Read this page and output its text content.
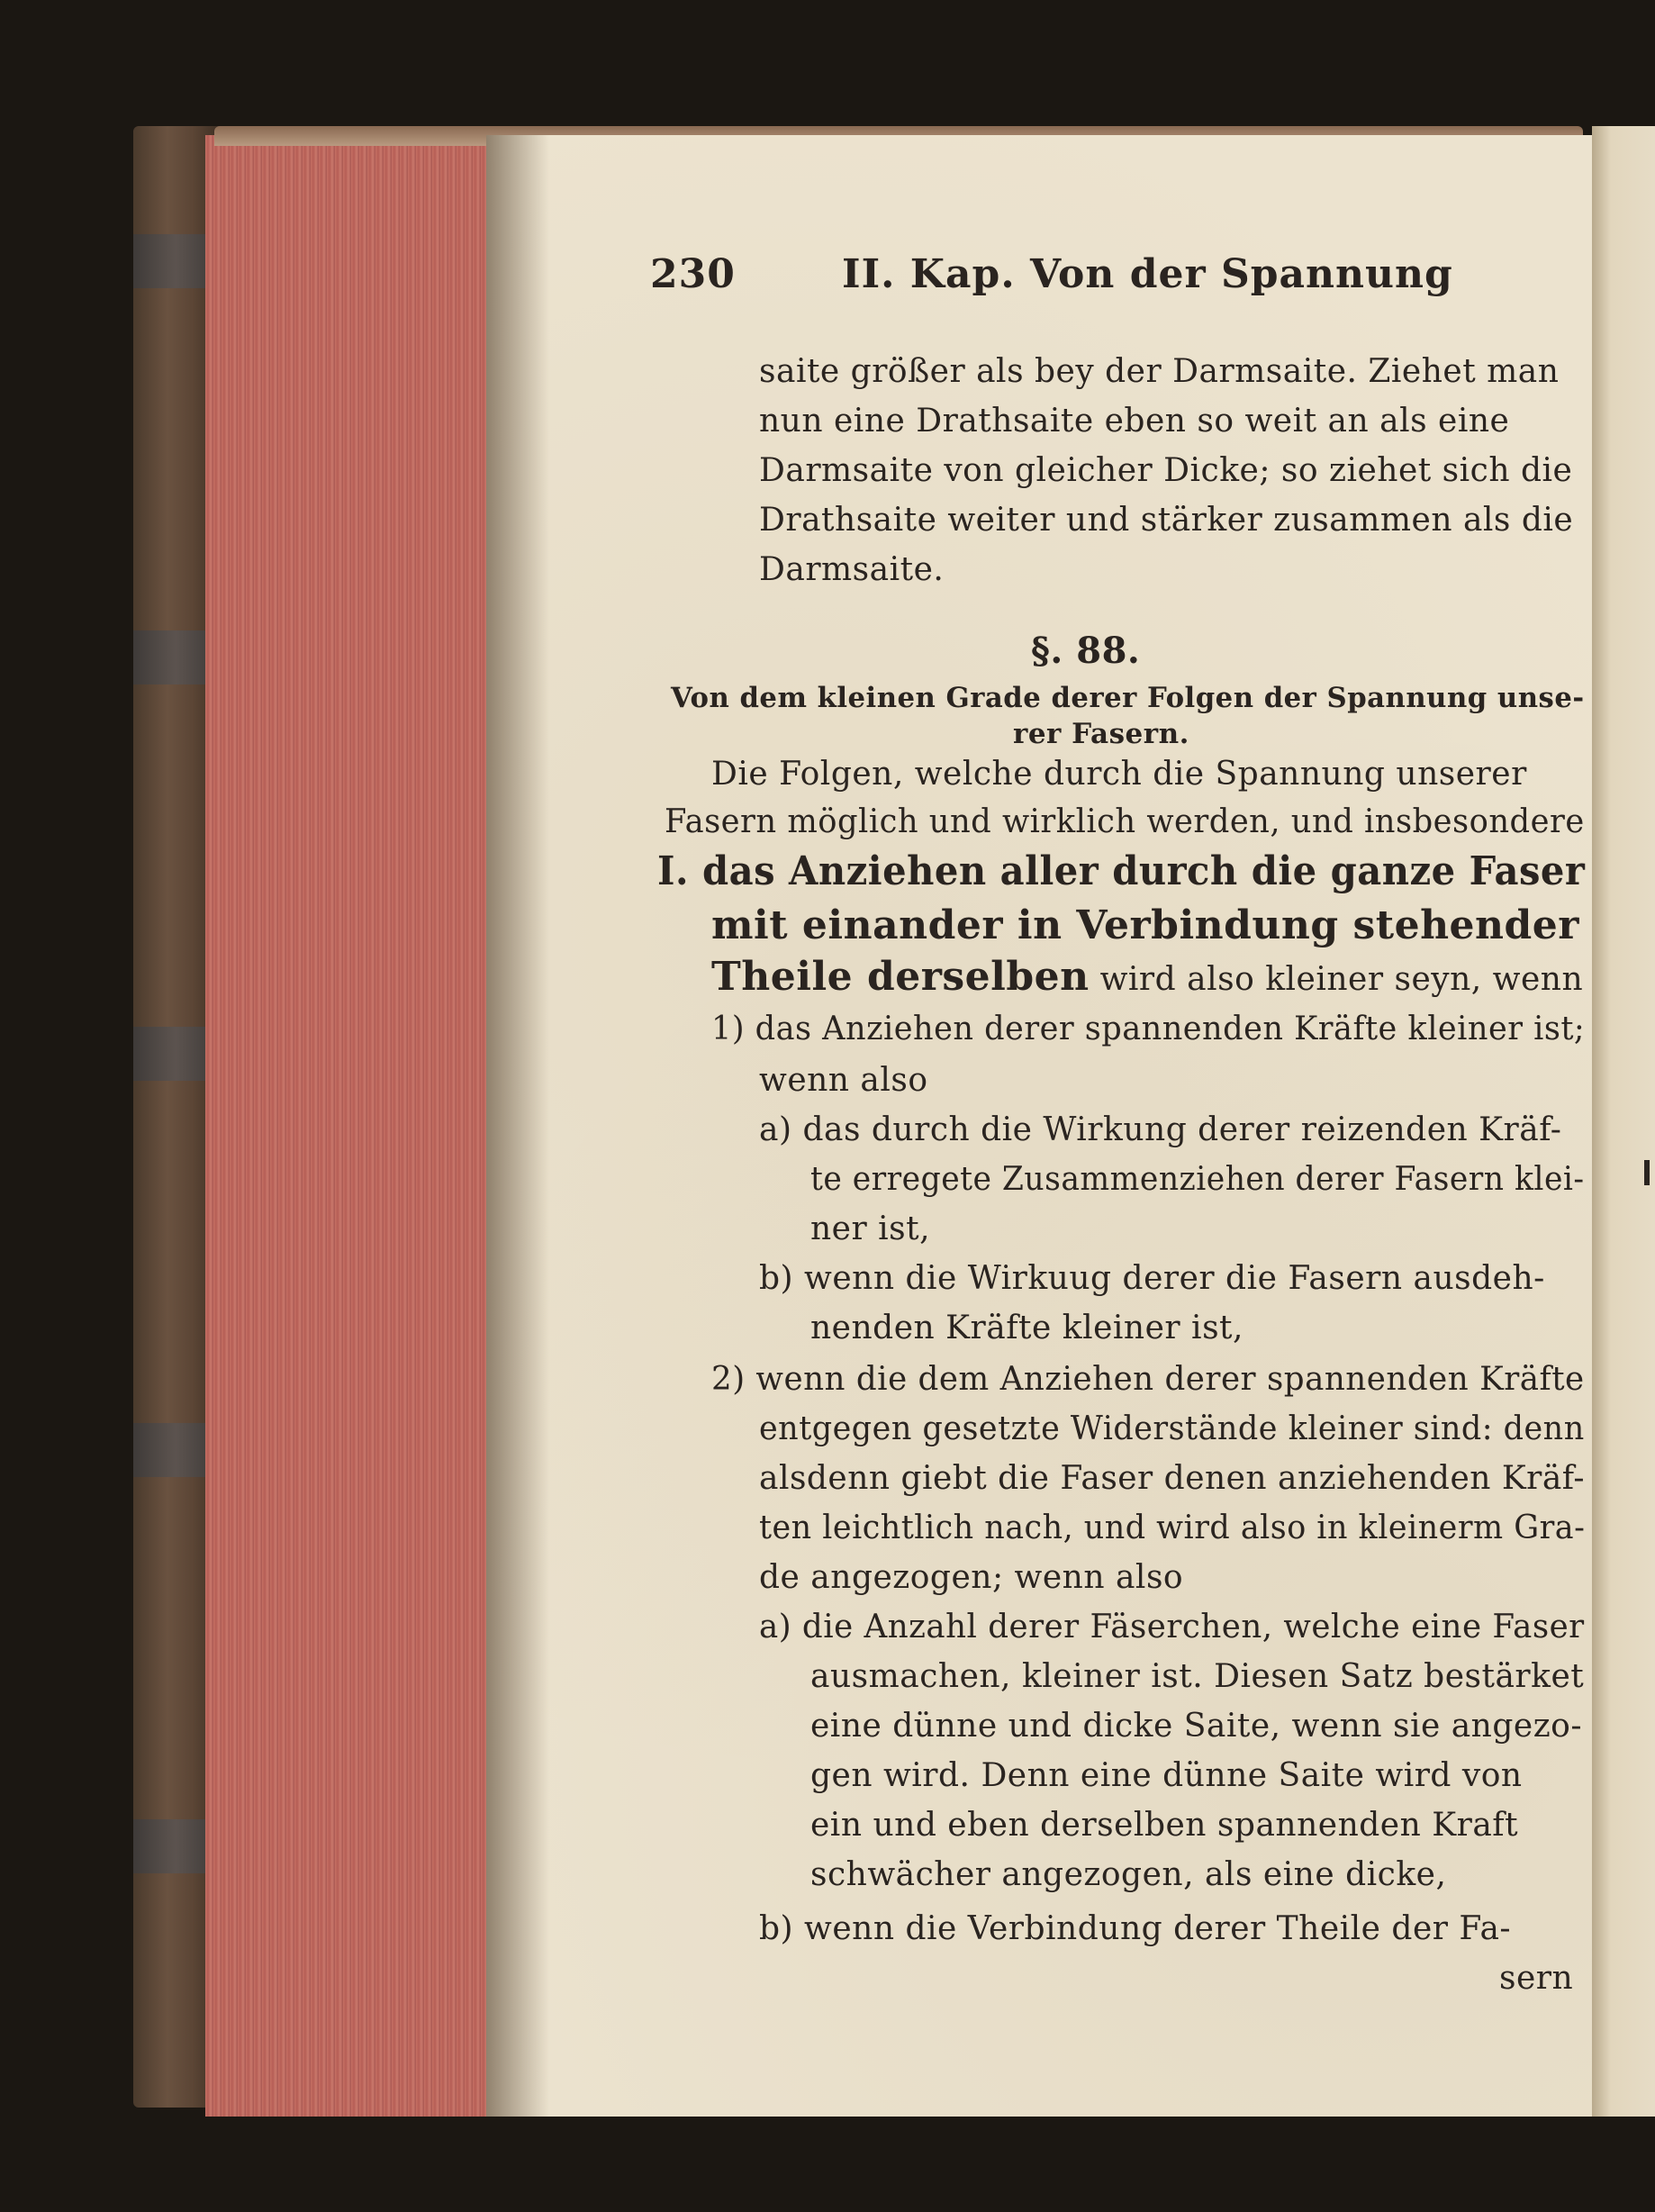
230	II. Kap. Von der Spannung
saite größer als bey der Darmsaite. Ziehet man
nun eine Drathsaite eben so weit an als eine
Darmsaite von gleicher Dicke; so ziehet sich die
Drathsaite weiter und stärker zusammen als die
Darmsaite.
§. 88.
Von dem kleinen Grade derer Folgen der Spannung unse-
rer Fasern.
Die Folgen, welche durch die Spannung unserer
Fasern möglich und wirklich werden, und insbesondere
I. das Anziehen aller durch die ganze Faser
mit einander in Verbindung stehender
Theile derselben wird also kleiner seyn, wenn
1) das Anziehen derer spannenden Kräfte kleiner ist;
wenn also
a) das durch die Wirkung derer reizenden Kräf-
te erregete Zusammenziehen derer Fasern klei-
ner ist,
b) wenn die Wirkuug derer die Fasern ausdeh-
nenden Kräfte kleiner ist,
2) wenn die dem Anziehen derer spannenden Kräfte
entgegen gesetzte Widerstände kleiner sind: denn
alsdenn giebt die Faser denen anziehenden Kräf-
ten leichtlich nach, und wird also in kleinerm Gra-
de angezogen; wenn also
a) die Anzahl derer Fäserchen, welche eine Faser
ausmachen, kleiner ist. Diesen Satz bestärket
eine dünne und dicke Saite, wenn sie angezo-
gen wird. Denn eine dünne Saite wird von
ein und eben derselben spannenden Kraft
schwächer angezogen, als eine dicke,
b) wenn die Verbindung derer Theile der Fa-
sern
